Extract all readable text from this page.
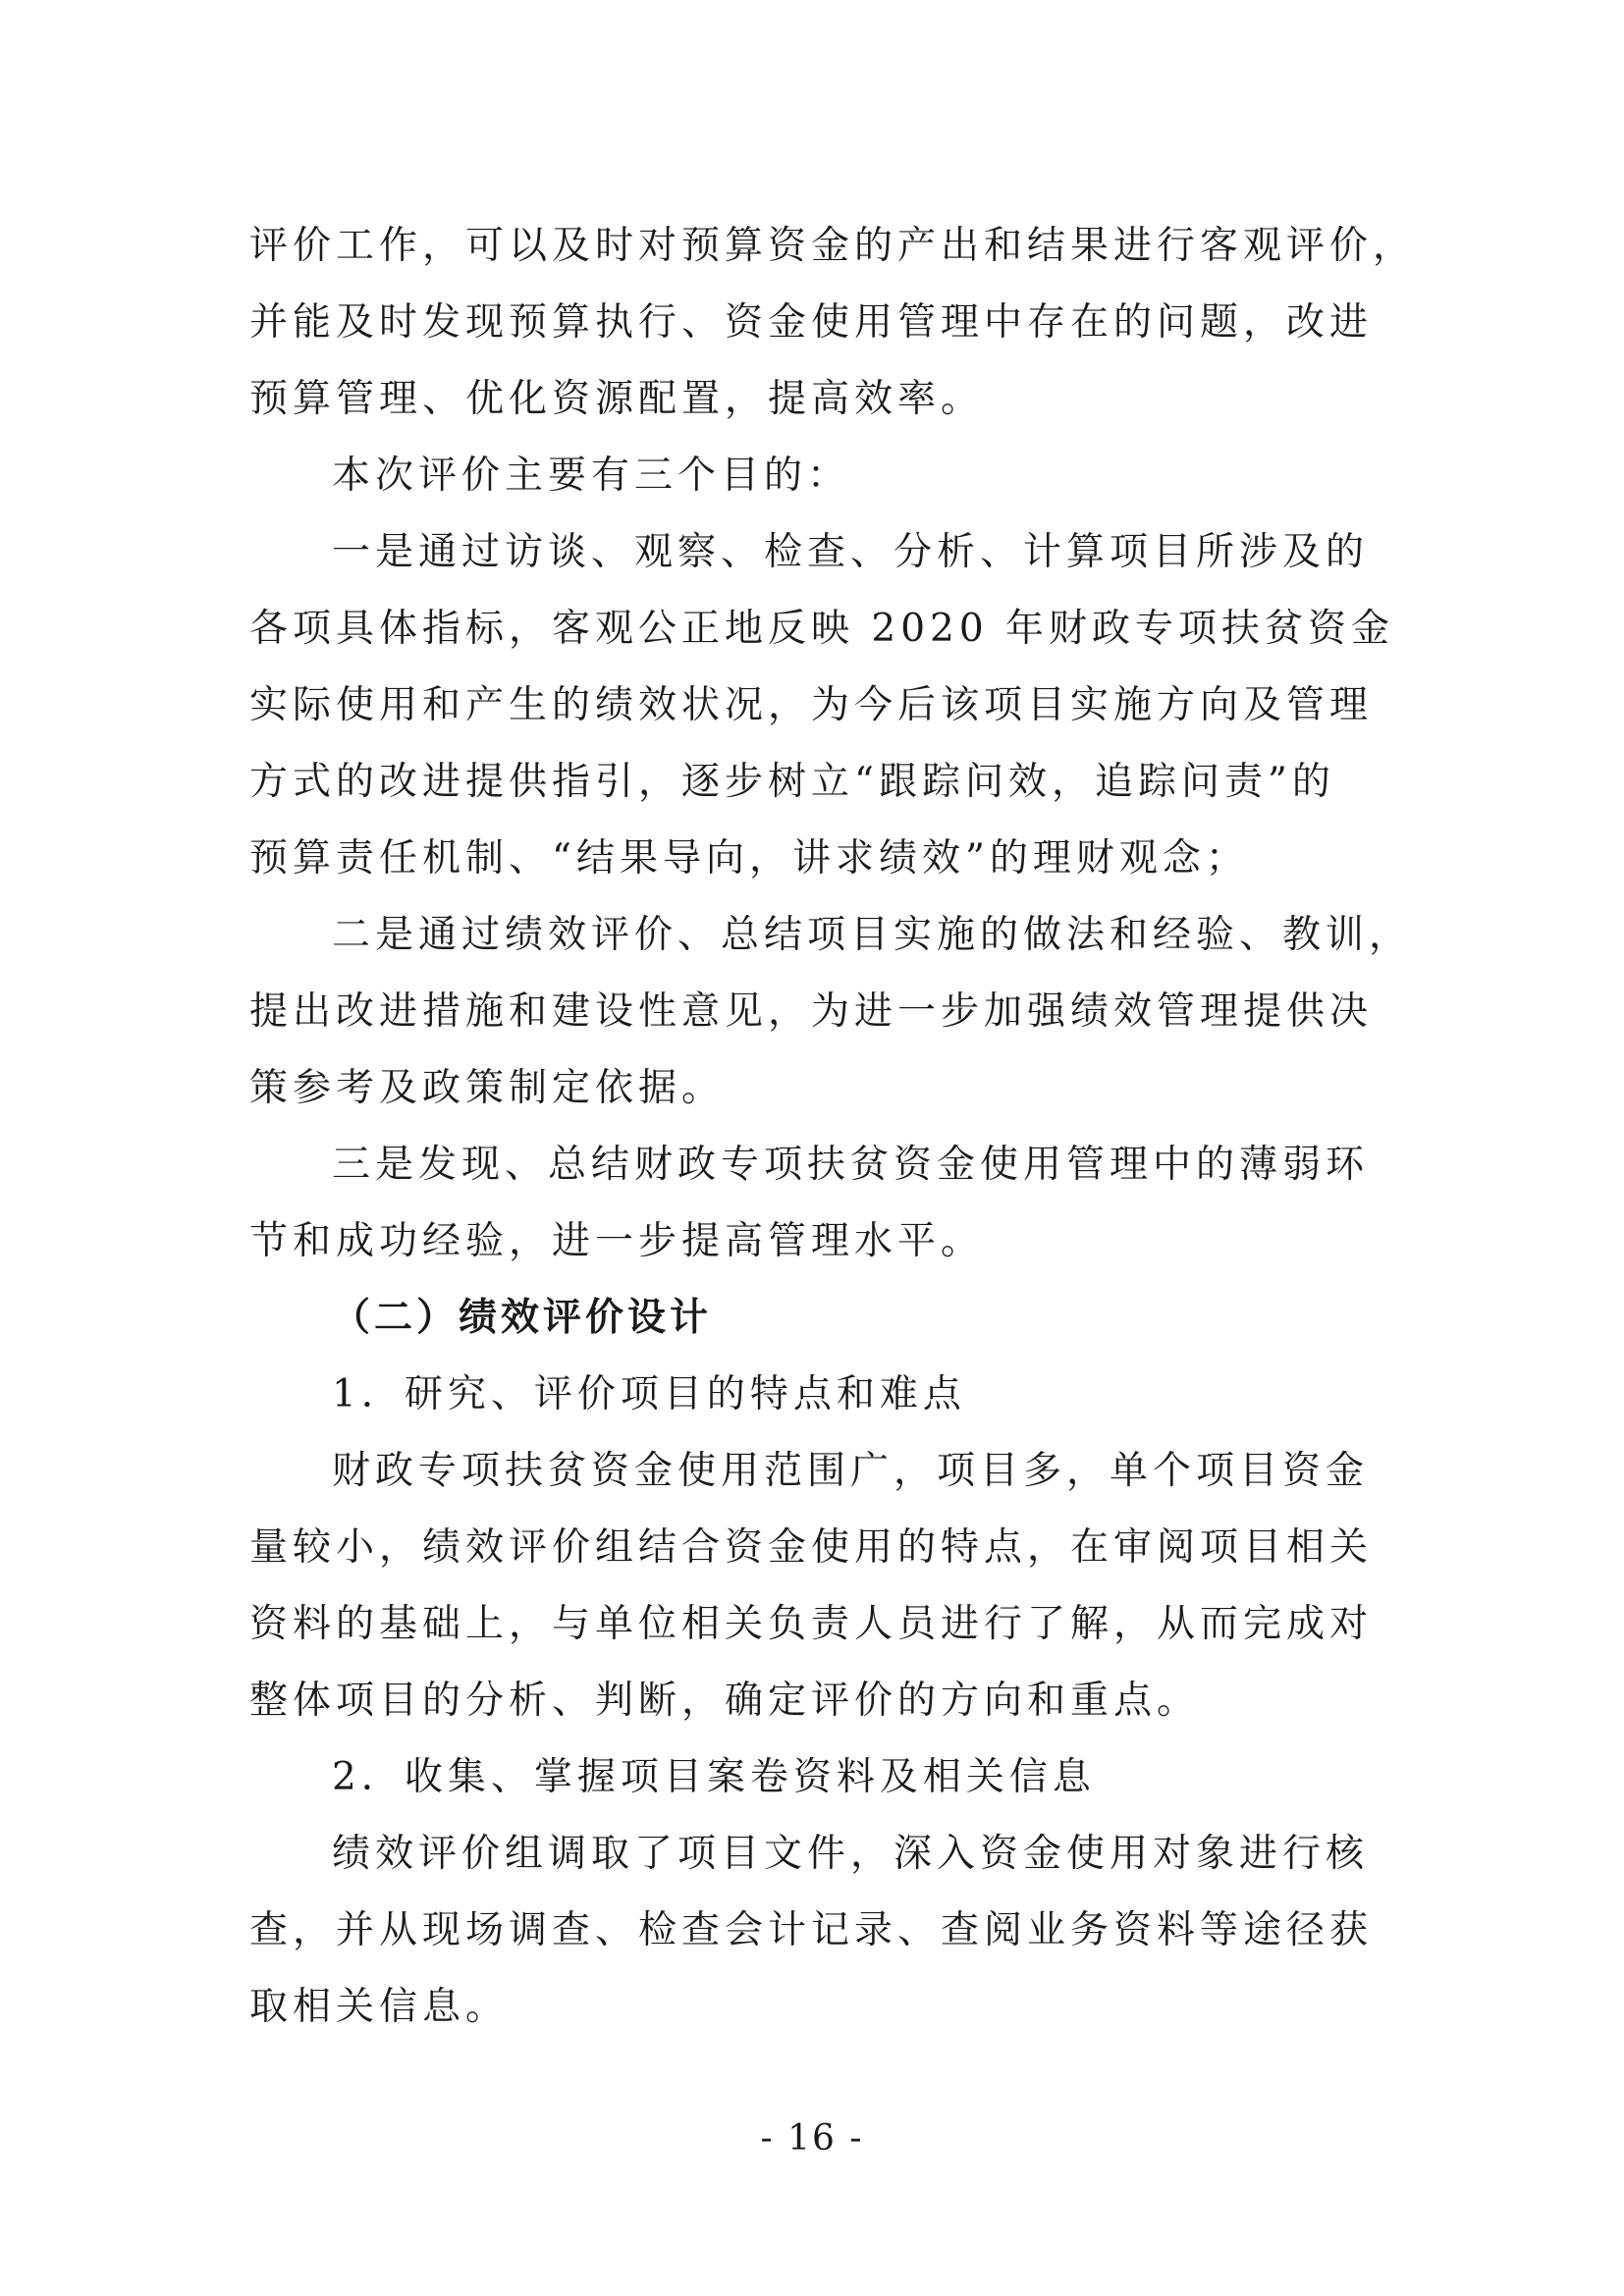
评价工作，可以及时对预算资金的产出和结果进行客观评价，
并能及时发现预算执行、资金使用管理中存在的问题，改进
预算管理、优化资源配置，提高效率。
本次评价主要有三个目的：
一是通过访谈、观察、检查、分析、计算项目所涉及的
各项具体指标，客观公正地反映 2020 年财政专项扶贫资金
实际使用和产生的绩效状况，为今后该项目实施方向及管理
方式的改进提供指引，逐步树立“跟踪问效，追踪问责”的
预算责任机制、“结果导向，讲求绩效”的理财观念；
二是通过绩效评价、总结项目实施的做法和经验、教训，
提出改进措施和建设性意见，为进一步加强绩效管理提供决
策参考及政策制定依据。
三是发现、总结财政专项扶贫资金使用管理中的薄弱环
节和成功经验，进一步提高管理水平。
（二）绩效评价设计
1．研究、评价项目的特点和难点
财政专项扶贫资金使用范围广，项目多，单个项目资金
量较小，绩效评价组结合资金使用的特点，在审阅项目相关
资料的基础上，与单位相关负责人员进行了解，从而完成对
整体项目的分析、判断，确定评价的方向和重点。
2．收集、掌握项目案卷资料及相关信息
绩效评价组调取了项目文件，深入资金使用对象进行核
查，并从现场调查、检查会计记录、查阅业务资料等途径获
取相关信息。
- 16 -
